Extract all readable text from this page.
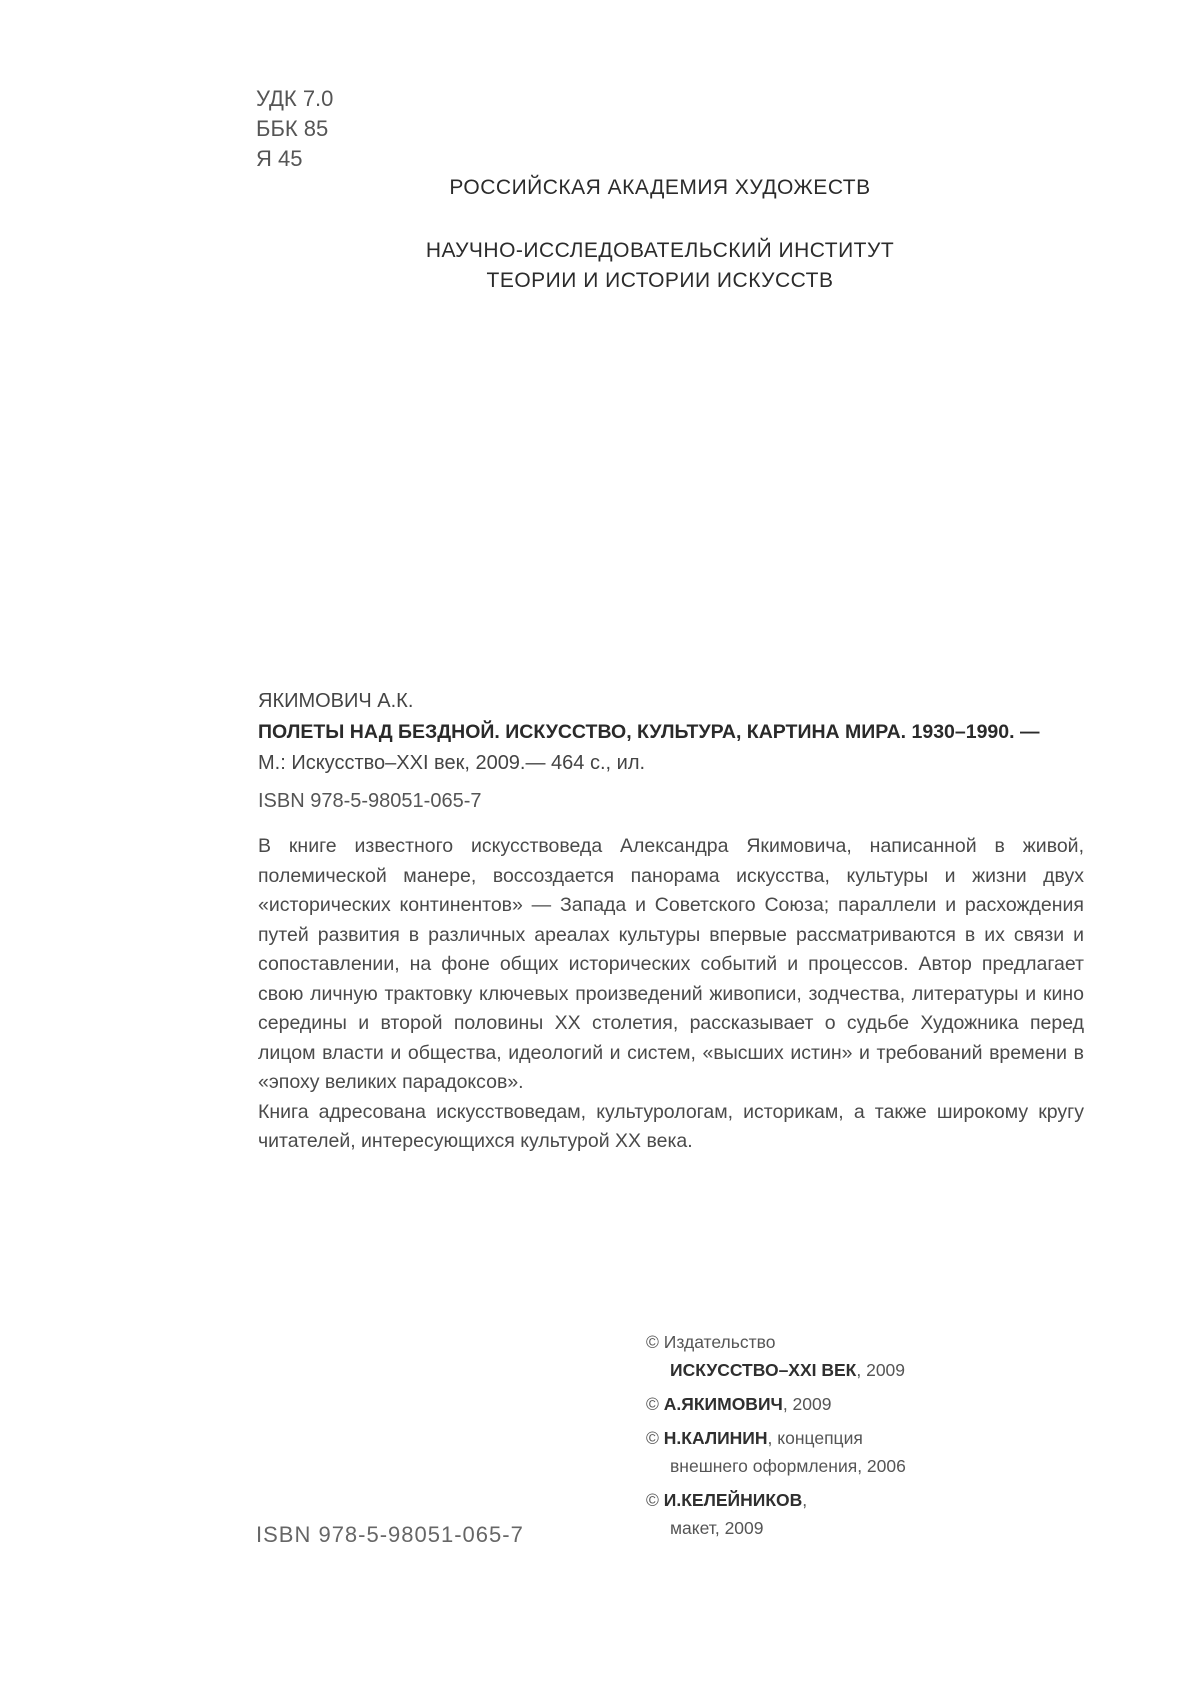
УДК 7.0
ББК 85
Я 45
РОССИЙСКАЯ АКАДЕМИЯ ХУДОЖЕСТВ
НАУЧНО-ИССЛЕДОВАТЕЛЬСКИЙ ИНСТИТУТ
ТЕОРИИ И ИСТОРИИ ИСКУССТВ
ЯКИМОВИЧ А.К.
ПОЛЕТЫ НАД БЕЗДНОЙ. ИСКУССТВО, КУЛЬТУРА, КАРТИНА МИРА. 1930–1990. —
М.: Искусство–XXI век, 2009.— 464 с., ил.
ISBN 978-5-98051-065-7

В книге известного искусствоведа Александра Якимовича, написанной в живой, полемической манере, воссоздается панорама искусства, культуры и жизни двух «исторических континентов» — Запада и Советского Союза; параллели и расхождения путей развития в различных ареалах культуры впервые рассматриваются в их связи и сопоставлении, на фоне общих исторических событий и процессов. Автор предлагает свою личную трактовку ключевых произведений живописи, зодчества, литературы и кино середины и второй половины XX столетия, рассказывает о судьбе Художника перед лицом власти и общества, идеологий и систем, «высших истин» и требований времени в «эпоху великих парадоксов».

Книга адресована искусствоведам, культурологам, историкам, а также широкому кругу читателей, интересующихся культурой XX века.

© Издательство
ИСКУССТВО–XXI ВЕК, 2009
© А.ЯКИМОВИЧ, 2009
© Н.КАЛИНИН, концепция
внешнего оформления, 2006
© И.КЕЛЕЙНИКОВ,
макет, 2009
ISBN 978-5-98051-065-7
